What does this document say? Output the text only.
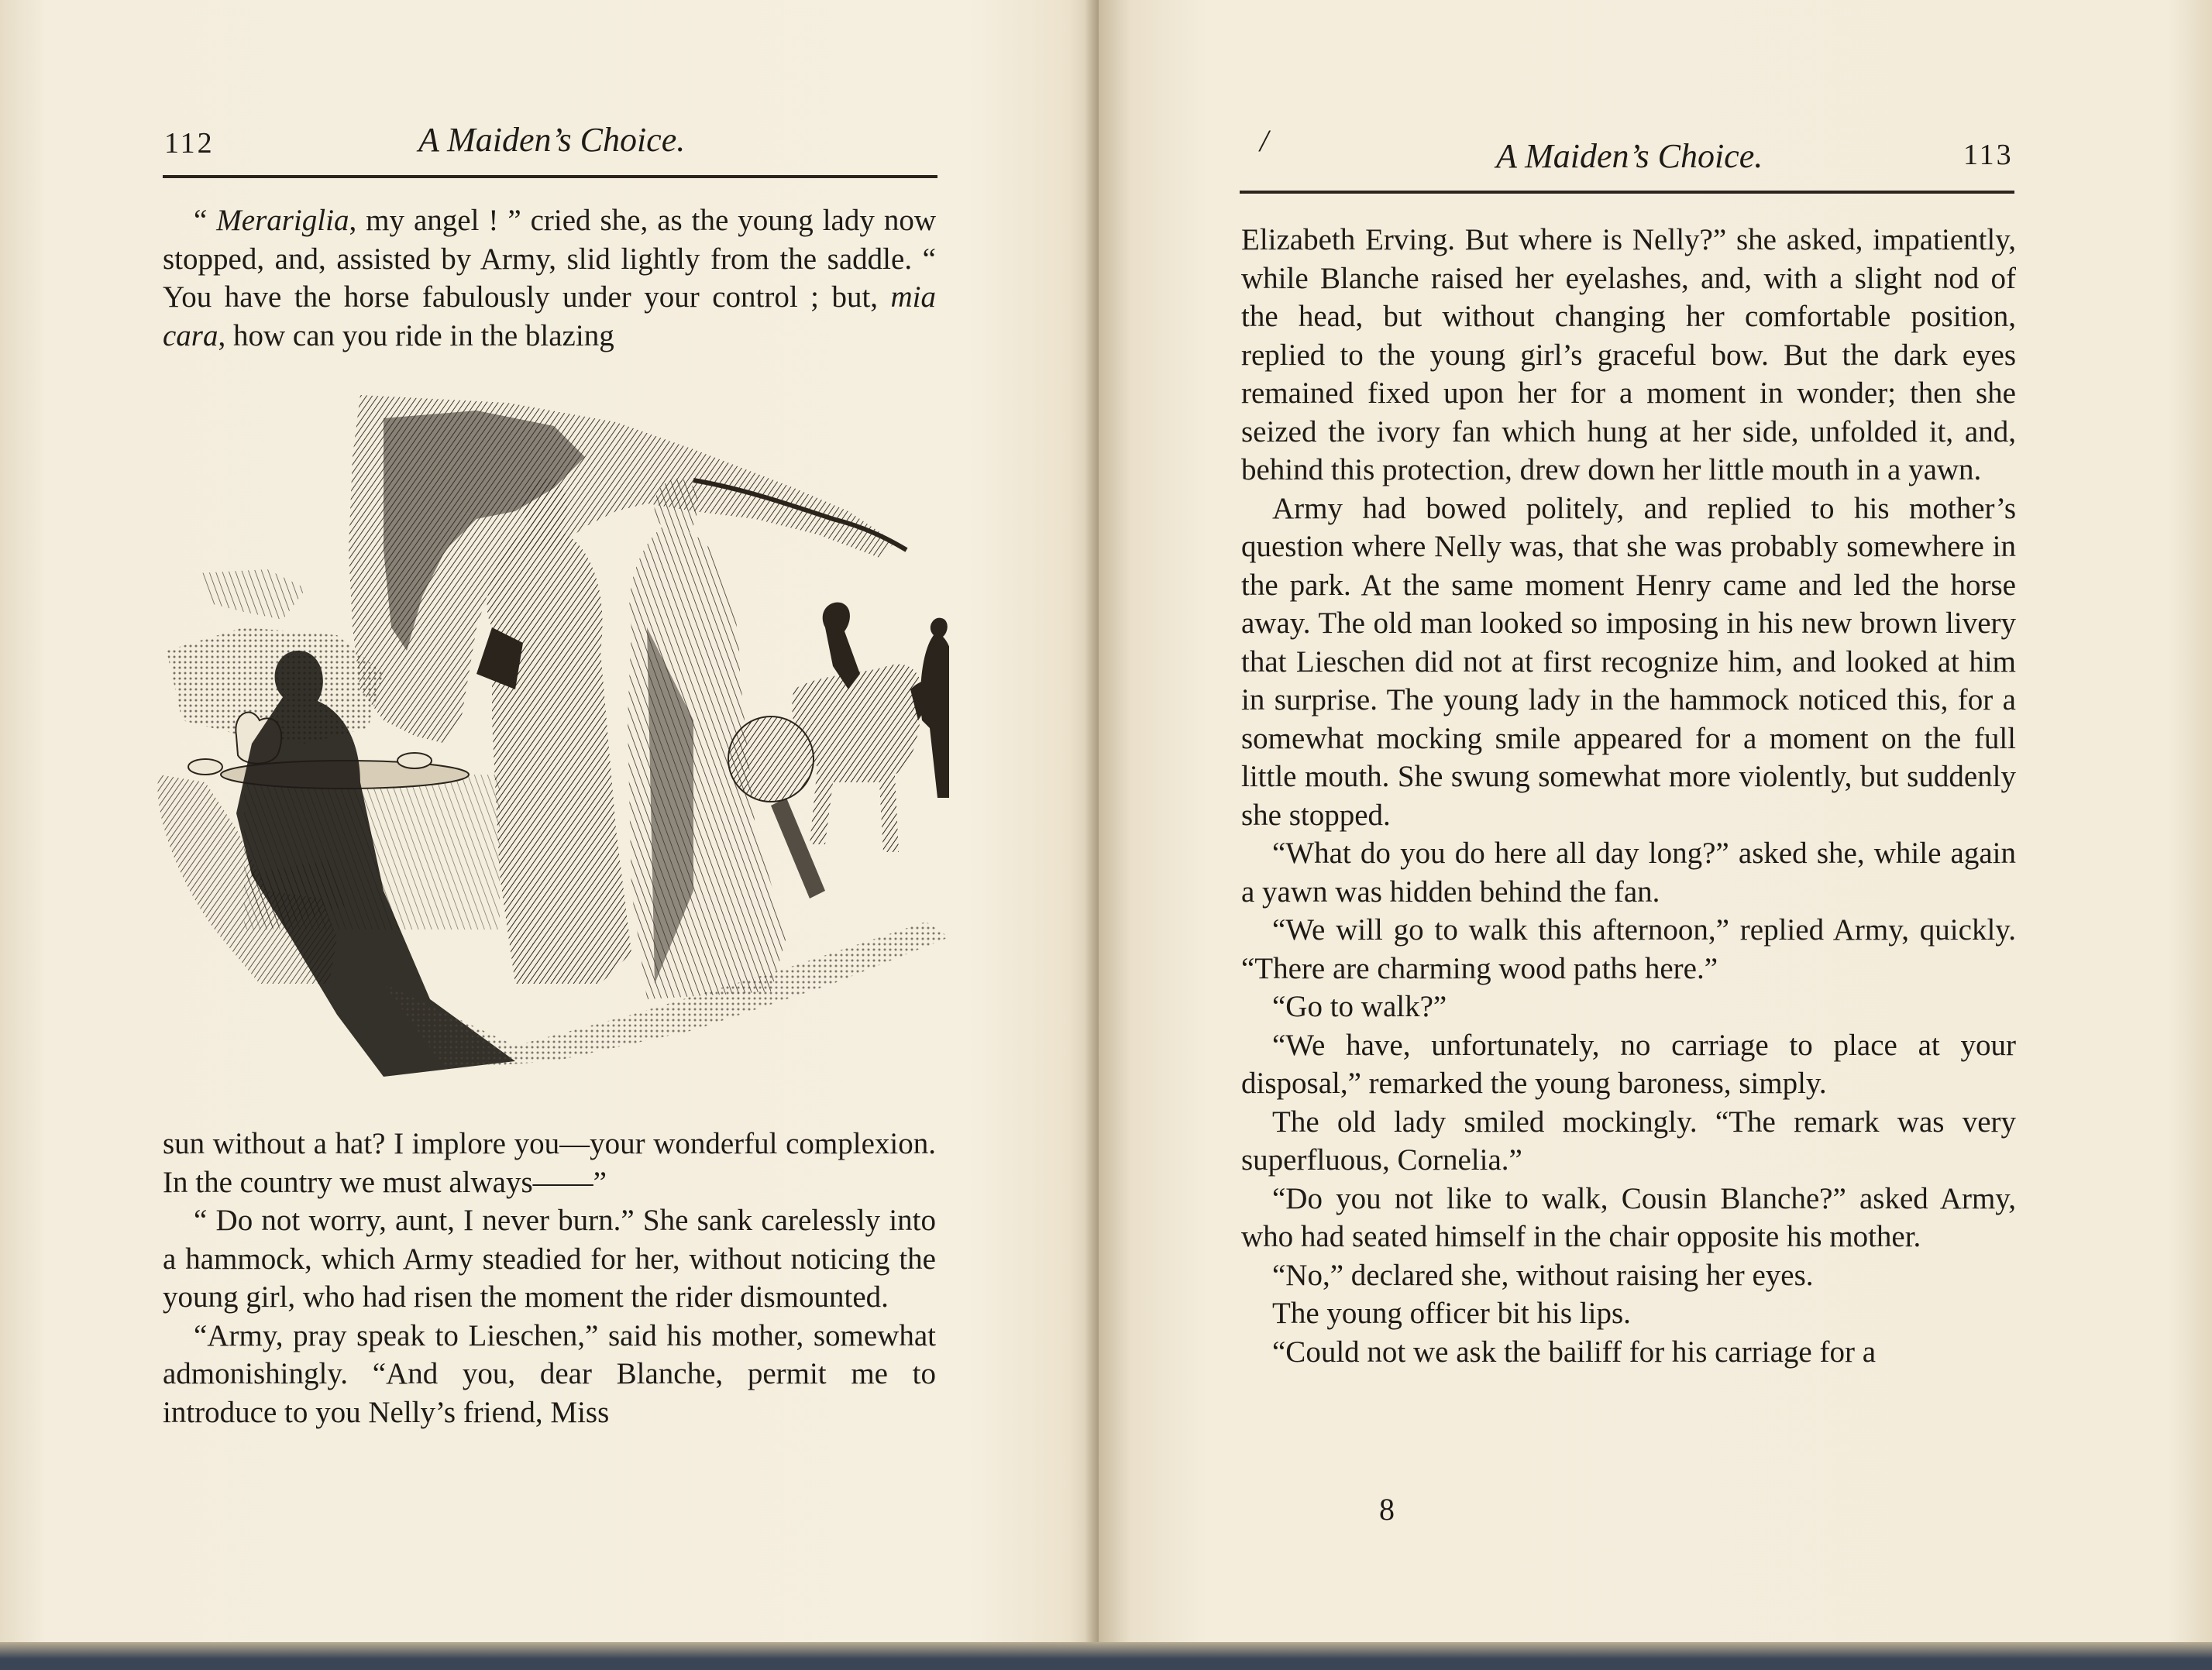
112	A Maiden’s Choice.

“ Merariglia, my angel ! ” cried she, as the young lady now stopped, and, assisted by Army, slid lightly from the saddle. “ You have the horse fabulously under your control ; but, mia cara, how can you ride in the blazing

sun without a hat? I implore you—your wonderful complexion. In the country we must always——”

“ Do not worry, aunt, I never burn.” She sank carelessly into a hammock, which Army steadied for her, without noticing the young girl, who had risen the moment the rider dismounted.

“Army, pray speak to Lieschen,” said his mother, somewhat admonishingly. “And you, dear Blanche, permit me to introduce to you Nelly’s friend, Miss

/	A Maiden’s Choice.	113

Elizabeth Erving. But where is Nelly?” she asked, impatiently, while Blanche raised her eyelashes, and, with a slight nod of the head, but without changing her comfortable position, replied to the young girl’s graceful bow. But the dark eyes remained fixed upon her for a moment in wonder; then she seized the ivory fan which hung at her side, unfolded it, and, behind this protection, drew down her little mouth in a yawn.

Army had bowed politely, and replied to his mother’s question where Nelly was, that she was probably somewhere in the park. At the same moment Henry came and led the horse away. The old man looked so imposing in his new brown livery that Lieschen did not at first recognize him, and looked at him in surprise. The young lady in the hammock noticed this, for a somewhat mocking smile appeared for a moment on the full little mouth. She swung somewhat more violently, but suddenly she stopped.

“What do you do here all day long?” asked she, while again a yawn was hidden behind the fan.

“We will go to walk this afternoon,” replied Army, quickly. “There are charming wood paths here.”

“Go to walk?”

“We have, unfortunately, no carriage to place at your disposal,” remarked the young baroness, simply.

The old lady smiled mockingly. “The remark was very superfluous, Cornelia.”

“Do you not like to walk, Cousin Blanche?” asked Army, who had seated himself in the chair opposite his mother.

“No,” declared she, without raising her eyes.

The young officer bit his lips.

“Could not we ask the bailiff for his carriage for a

8
